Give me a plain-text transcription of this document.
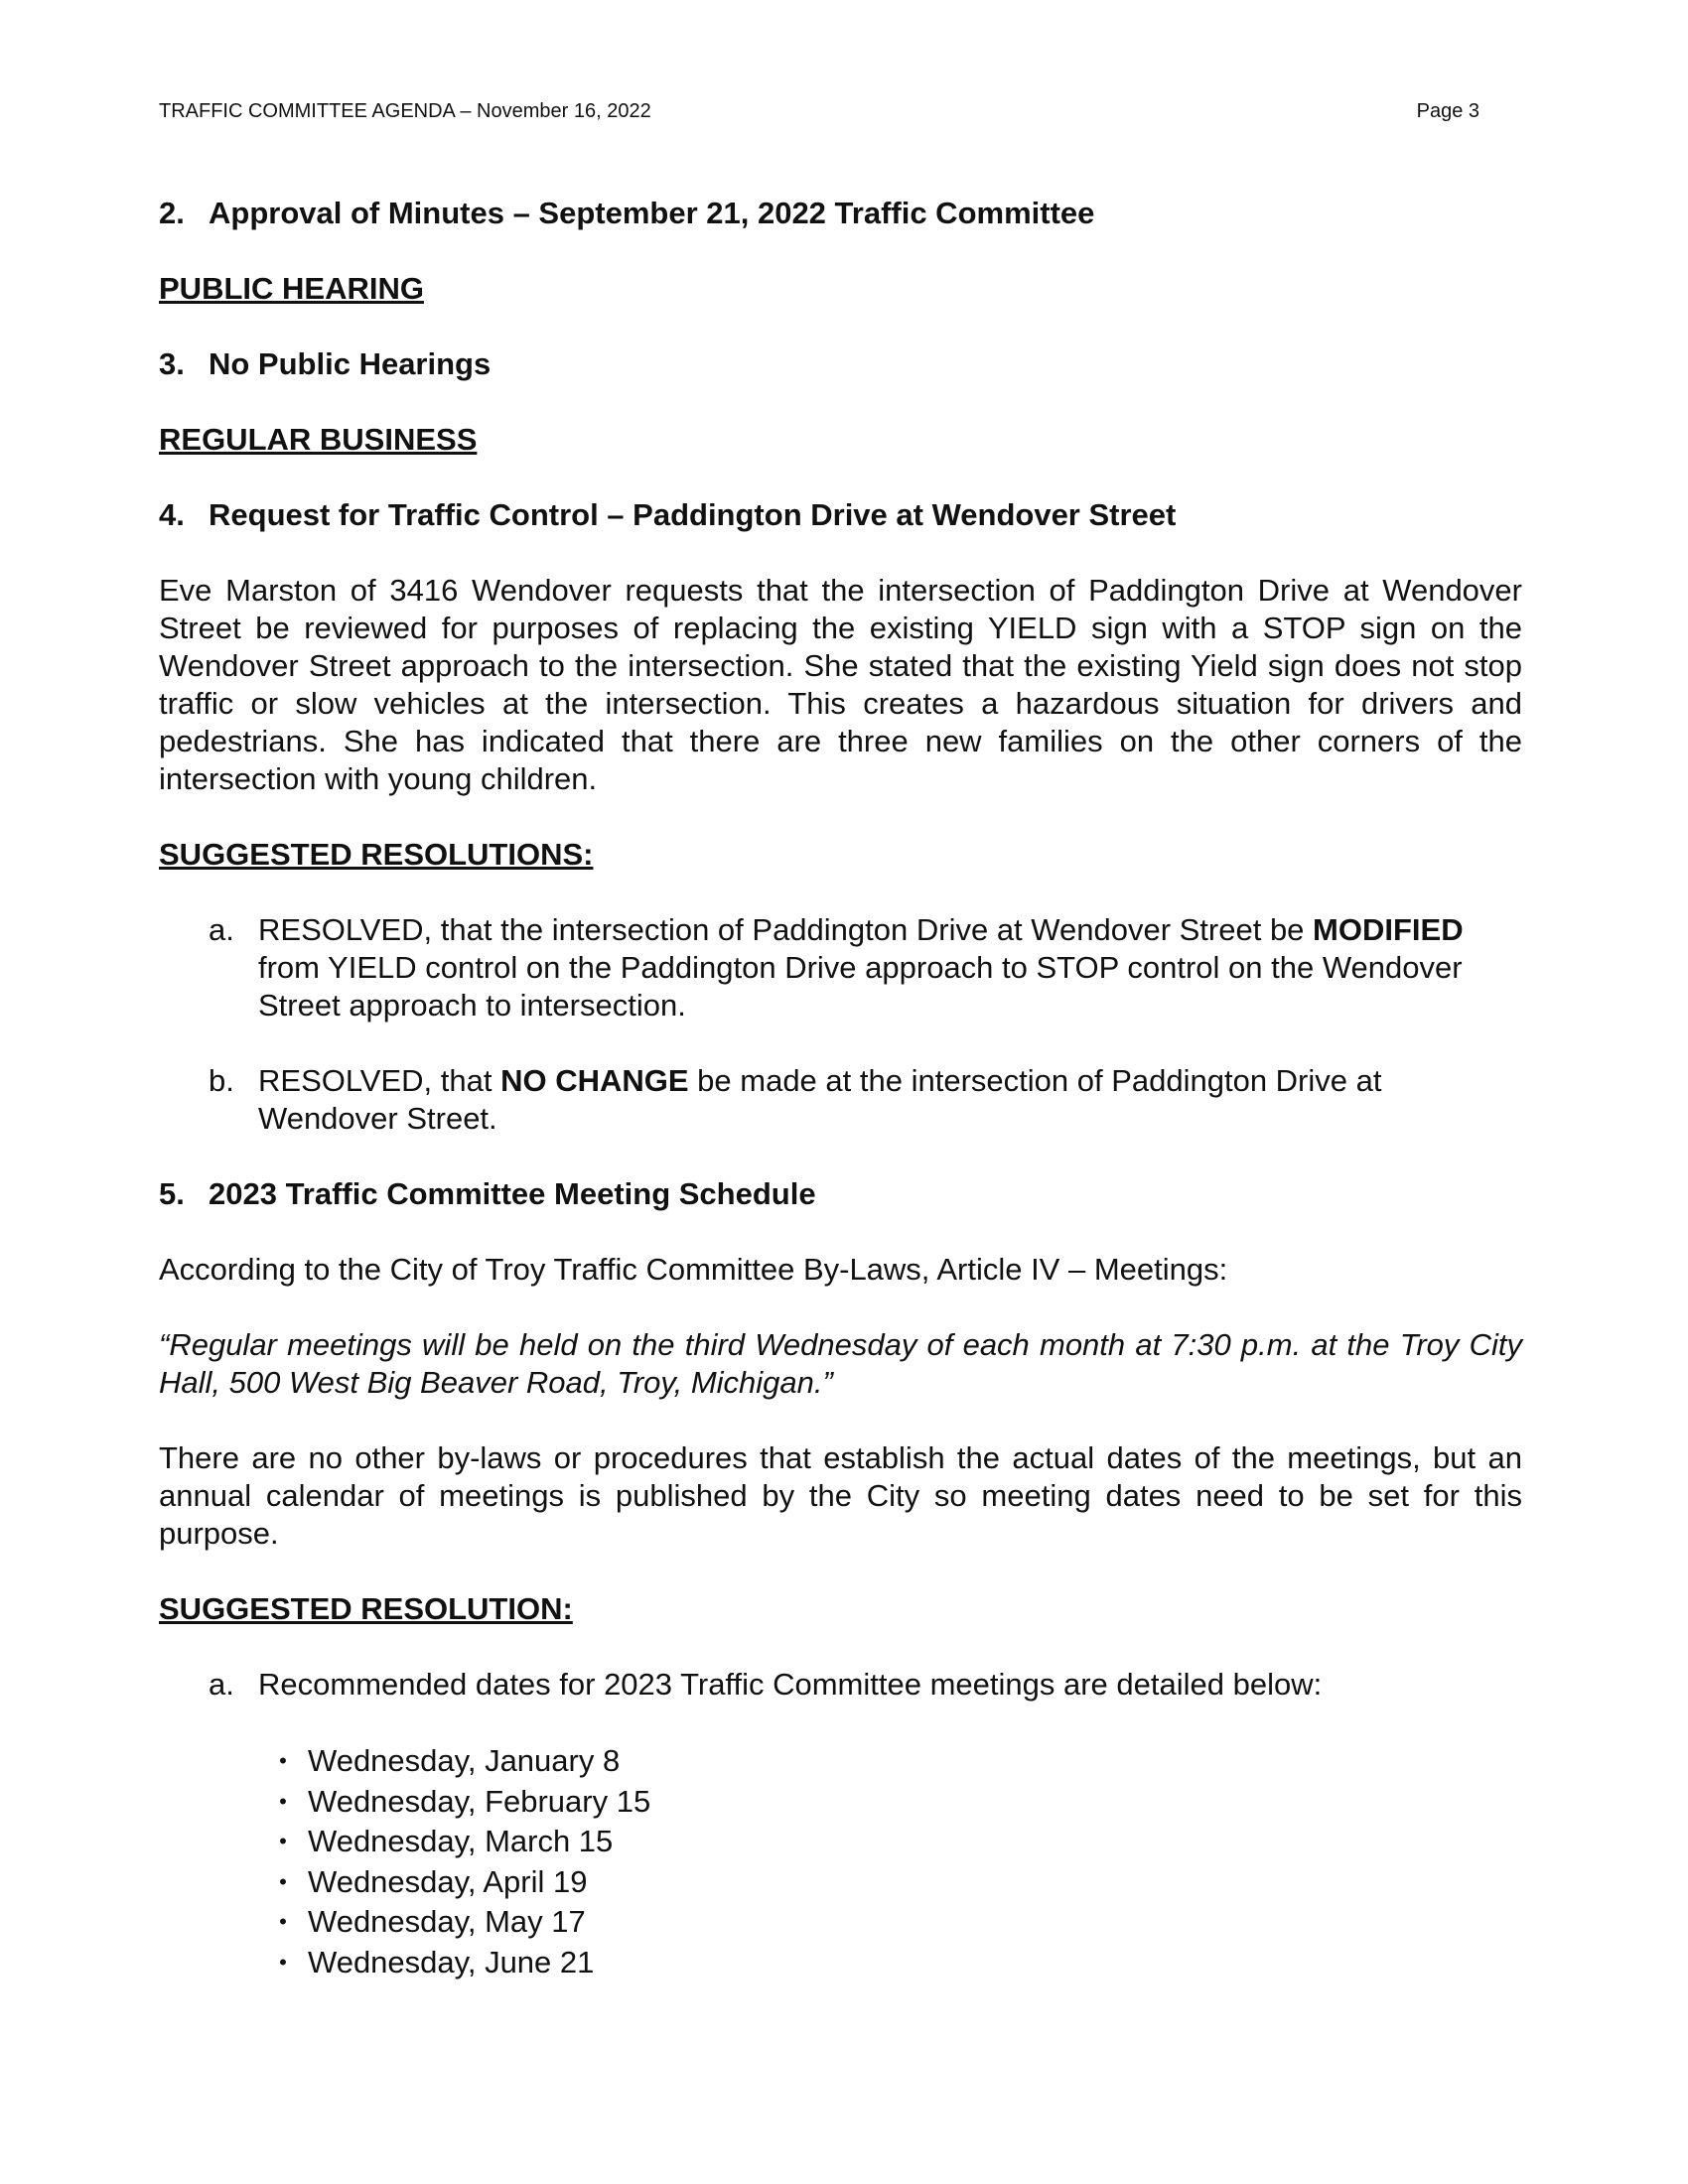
TRAFFIC COMMITTEE AGENDA – November 16, 2022	Page 3
2. Approval of Minutes – September 21, 2022 Traffic Committee
PUBLIC HEARING
3. No Public Hearings
REGULAR BUSINESS
4. Request for Traffic Control – Paddington Drive at Wendover Street

Eve Marston of 3416 Wendover requests that the intersection of Paddington Drive at Wendover Street be reviewed for purposes of replacing the existing YIELD sign with a STOP sign on the Wendover Street approach to the intersection. She stated that the existing Yield sign does not stop traffic or slow vehicles at the intersection. This creates a hazardous situation for drivers and pedestrians. She has indicated that there are three new families on the other corners of the intersection with young children.

SUGGESTED RESOLUTIONS:
a. RESOLVED, that the intersection of Paddington Drive at Wendover Street be MODIFIED from YIELD control on the Paddington Drive approach to STOP control on the Wendover Street approach to intersection.
b. RESOLVED, that NO CHANGE be made at the intersection of Paddington Drive at Wendover Street.
5. 2023 Traffic Committee Meeting Schedule

According to the City of Troy Traffic Committee By-Laws, Article IV – Meetings:

“Regular meetings will be held on the third Wednesday of each month at 7:30 p.m. at the Troy City Hall, 500 West Big Beaver Road, Troy, Michigan.”

There are no other by-laws or procedures that establish the actual dates of the meetings, but an annual calendar of meetings is published by the City so meeting dates need to be set for this purpose.

SUGGESTED RESOLUTION:
a. Recommended dates for 2023 Traffic Committee meetings are detailed below:
• Wednesday, January 8
• Wednesday, February 15
• Wednesday, March 15
• Wednesday, April 19
• Wednesday, May 17
• Wednesday, June 21
